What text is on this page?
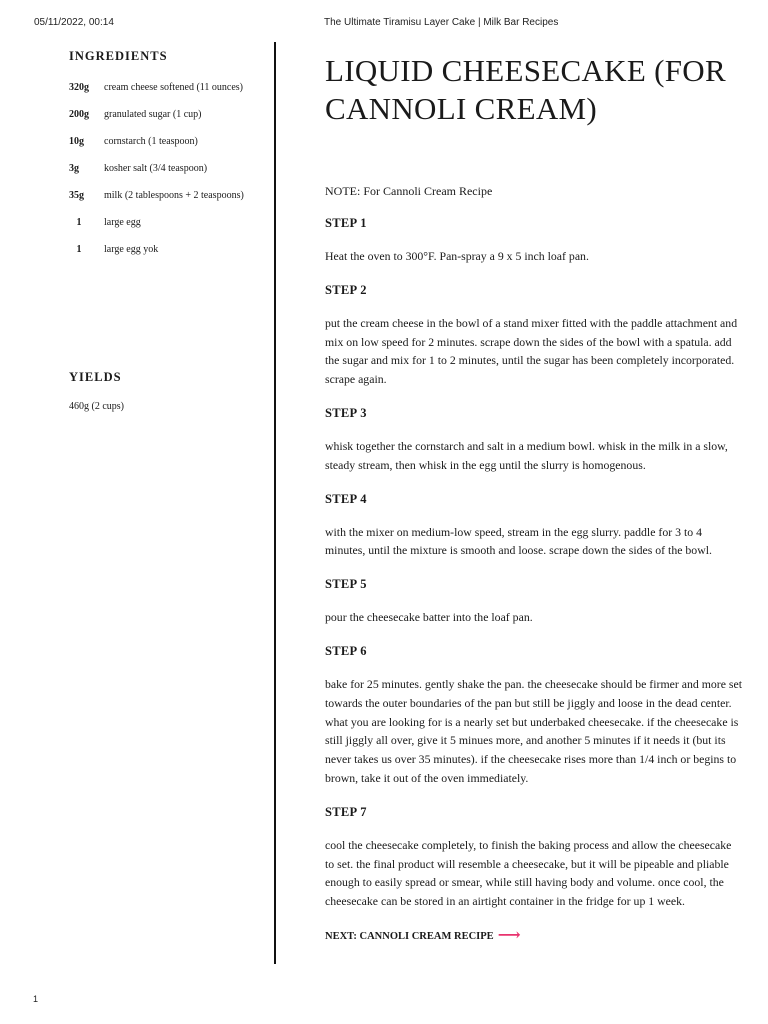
05/11/2022, 00:14	The Ultimate Tiramisu Layer Cake | Milk Bar Recipes
INGREDIENTS
320g	cream cheese softened (11 ounces)
200g	granulated sugar (1 cup)
10g	cornstarch (1 teaspoon)
3g	kosher salt (3/4 teaspoon)
35g	milk (2 tablespoons + 2 teaspoons)
1	large egg
1	large egg yok
YIELDS
460g (2 cups)
LIQUID CHEESECAKE (FOR CANNOLI CREAM)
NOTE: For Cannoli Cream Recipe
STEP 1
Heat the oven to 300°F. Pan-spray a 9 x 5 inch loaf pan.
STEP 2
put the cream cheese in the bowl of a stand mixer fitted with the paddle attachment and mix on low speed for 2 minutes. scrape down the sides of the bowl with a spatula. add the sugar and mix for 1 to 2 minutes, until the sugar has been completely incorporated. scrape again.
STEP 3
whisk together the cornstarch and salt in a medium bowl. whisk in the milk in a slow, steady stream, then whisk in the egg until the slurry is homogenous.
STEP 4
with the mixer on medium-low speed, stream in the egg slurry. paddle for 3 to 4 minutes, until the mixture is smooth and loose. scrape down the sides of the bowl.
STEP 5
pour the cheesecake batter into the loaf pan.
STEP 6
bake for 25 minutes. gently shake the pan. the cheesecake should be firmer and more set towards the outer boundaries of the pan but still be jiggly and loose in the dead center. what you are looking for is a nearly set but underbaked cheesecake. if the cheesecake is still jiggly all over, give it 5 minues more, and another 5 minutes if it needs it (but its never takes us over 35 minutes). if the cheesecake rises more than 1/4 inch or begins to brown, take it out of the oven immediately.
STEP 7
cool the cheesecake completely, to finish the baking process and allow the cheesecake to set. the final product will resemble a cheesecake, but it will be pipeable and pliable enough to easily spread or smear, while still having body and volume. once cool, the cheesecake can be stored in an airtight container in the fridge for up 1 week.
NEXT: CANNOLI CREAM RECIPE ⟶
1
